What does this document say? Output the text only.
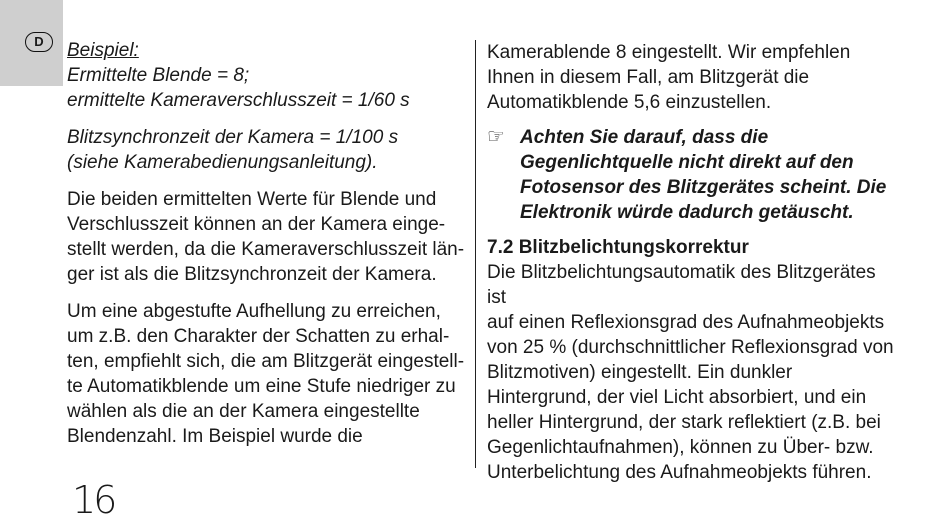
D	Beispiel:

Ermittelte Blende = 8;
ermittelte Kameraverschlusszeit = 1/60 s

Blitzsynchronzeit der Kamera = 1/100 s
(siehe Kamerabedienungsanleitung).

Die beiden ermittelten Werte für Blende und
Verschlusszeit können an der Kamera einge-
stellt werden, da die Kameraverschlusszeit län-
ger ist als die Blitzsynchronzeit der Kamera.

Um eine abgestufte Aufhellung zu erreichen,
um z.B. den Charakter der Schatten zu erhal-
ten, empfiehlt sich, die am Blitzgerät eingestell-
te Automatikblende um eine Stufe niedriger zu
wählen als die an der Kamera eingestellte
Blendenzahl. Im Beispiel wurde die

Kamerablende 8 eingestellt. Wir empfehlen
Ihnen in diesem Fall, am Blitzgerät die
Automatikblende 5,6 einzustellen.

☞ Achten Sie darauf, dass die
Gegenlichtquelle nicht direkt auf den
Fotosensor des Blitzgerätes scheint. Die
Elektronik würde dadurch getäuscht.

7.2 Blitzbelichtungskorrektur

Die Blitzbelichtungsautomatik des Blitzgerätes ist
auf einen Reflexionsgrad des Aufnahmeobjekts
von 25 % (durchschnittlicher Reflexionsgrad von
Blitzmotiven) eingestellt. Ein dunkler
Hintergrund, der viel Licht absorbiert, und ein
heller Hintergrund, der stark reflektiert (z.B. bei
Gegenlichtaufnahmen), können zu Über- bzw.
Unterbelichtung des Aufnahmeobjekts führen.

16
